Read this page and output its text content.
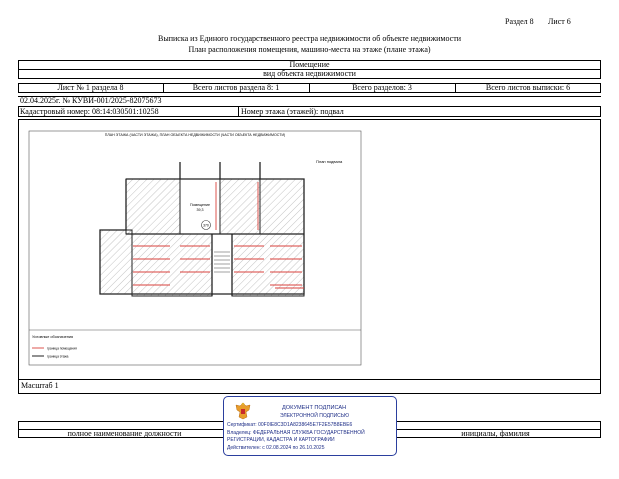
Раздел 8 Лист 6
Выписка из Единого государственного реестра недвижимости об объекте недвижимости
План расположения помещения, машино-места на этаже (плане этажа)
Помещение
вид объекта недвижимости
Лист № 1 раздела 8	Всего листов раздела 8: 1	Всего разделов: 3	Всего листов выписки: 6
02.04.2025г. № КУВИ-001/2025-82075673
Кадастровый номер: 08:14:030501:10258	Номер этажа (этажей): подвал
Масштаб 1
ПЛАН ЭТАЖА (ЧАСТИ ЭТАЖА), ПЛАН ОБЪЕКТА НЕДВИЖИМОСТИ (ЧАСТИ ОБЪЕКТА НЕДВИЖИМОСТИ)
План подвала
Помещение
39,3
370
Условные обозначения
граница помещения
граница этажа
полное наименование должности	инициалы, фамилия
ДОКУМЕНТ ПОДПИСАН
ЭЛЕКТРОННОЙ ПОДПИСЬЮ
Сертификат: 00F0IE8C3D1A8238645Е7F2E57В8ЕВЕ6
Владелец: ФЕДЕРАЛЬНАЯ СЛУЖБА ГОСУДАРСТВЕННОЙ
РЕГИСТРАЦИИ, КАДАСТРА И КАРТОГРАФИИ
Действителен: с 02.08.2024 по 26.10.2025
